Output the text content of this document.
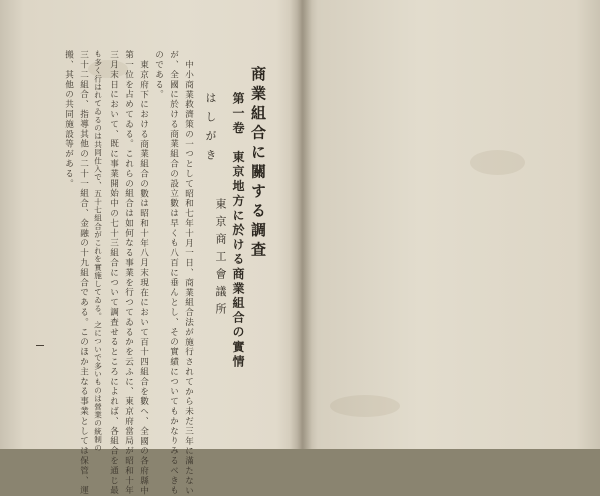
中小商業救濟策の一つとして昭和七年十月一日、商業組合法が施行されてから未だ三年に滿たない
が、全國に於ける商業組合の設立數は早くも八百に垂んとし、その實績についてもかなりみるべきも
のである。
東京府下における商業組合の數は昭和十年八月末現在において百十四組合を數へ、全國の各府縣中
第一位を占めてゐる。これらの組合は如何なる事業を行つてゐるかを云ふに、東京府當局が昭和十年
三月末日において、既に事業開始中の七十三組合について調査せるところによれば、各組合を通じ最
も多く行はれてゐるのは共同仕入で、五十七組合がこれを實施してゐる。之についで多いものは營業の統制の
三十二組合、指導其他の二十一組合、金融の十九組合である。このほか主なる事業としては保管、運
搬、其他の共同施設等がある。	はしがき 商業組合に關する調査
第一卷　東京地方に於ける商業組合の實情
東京商工會議所
